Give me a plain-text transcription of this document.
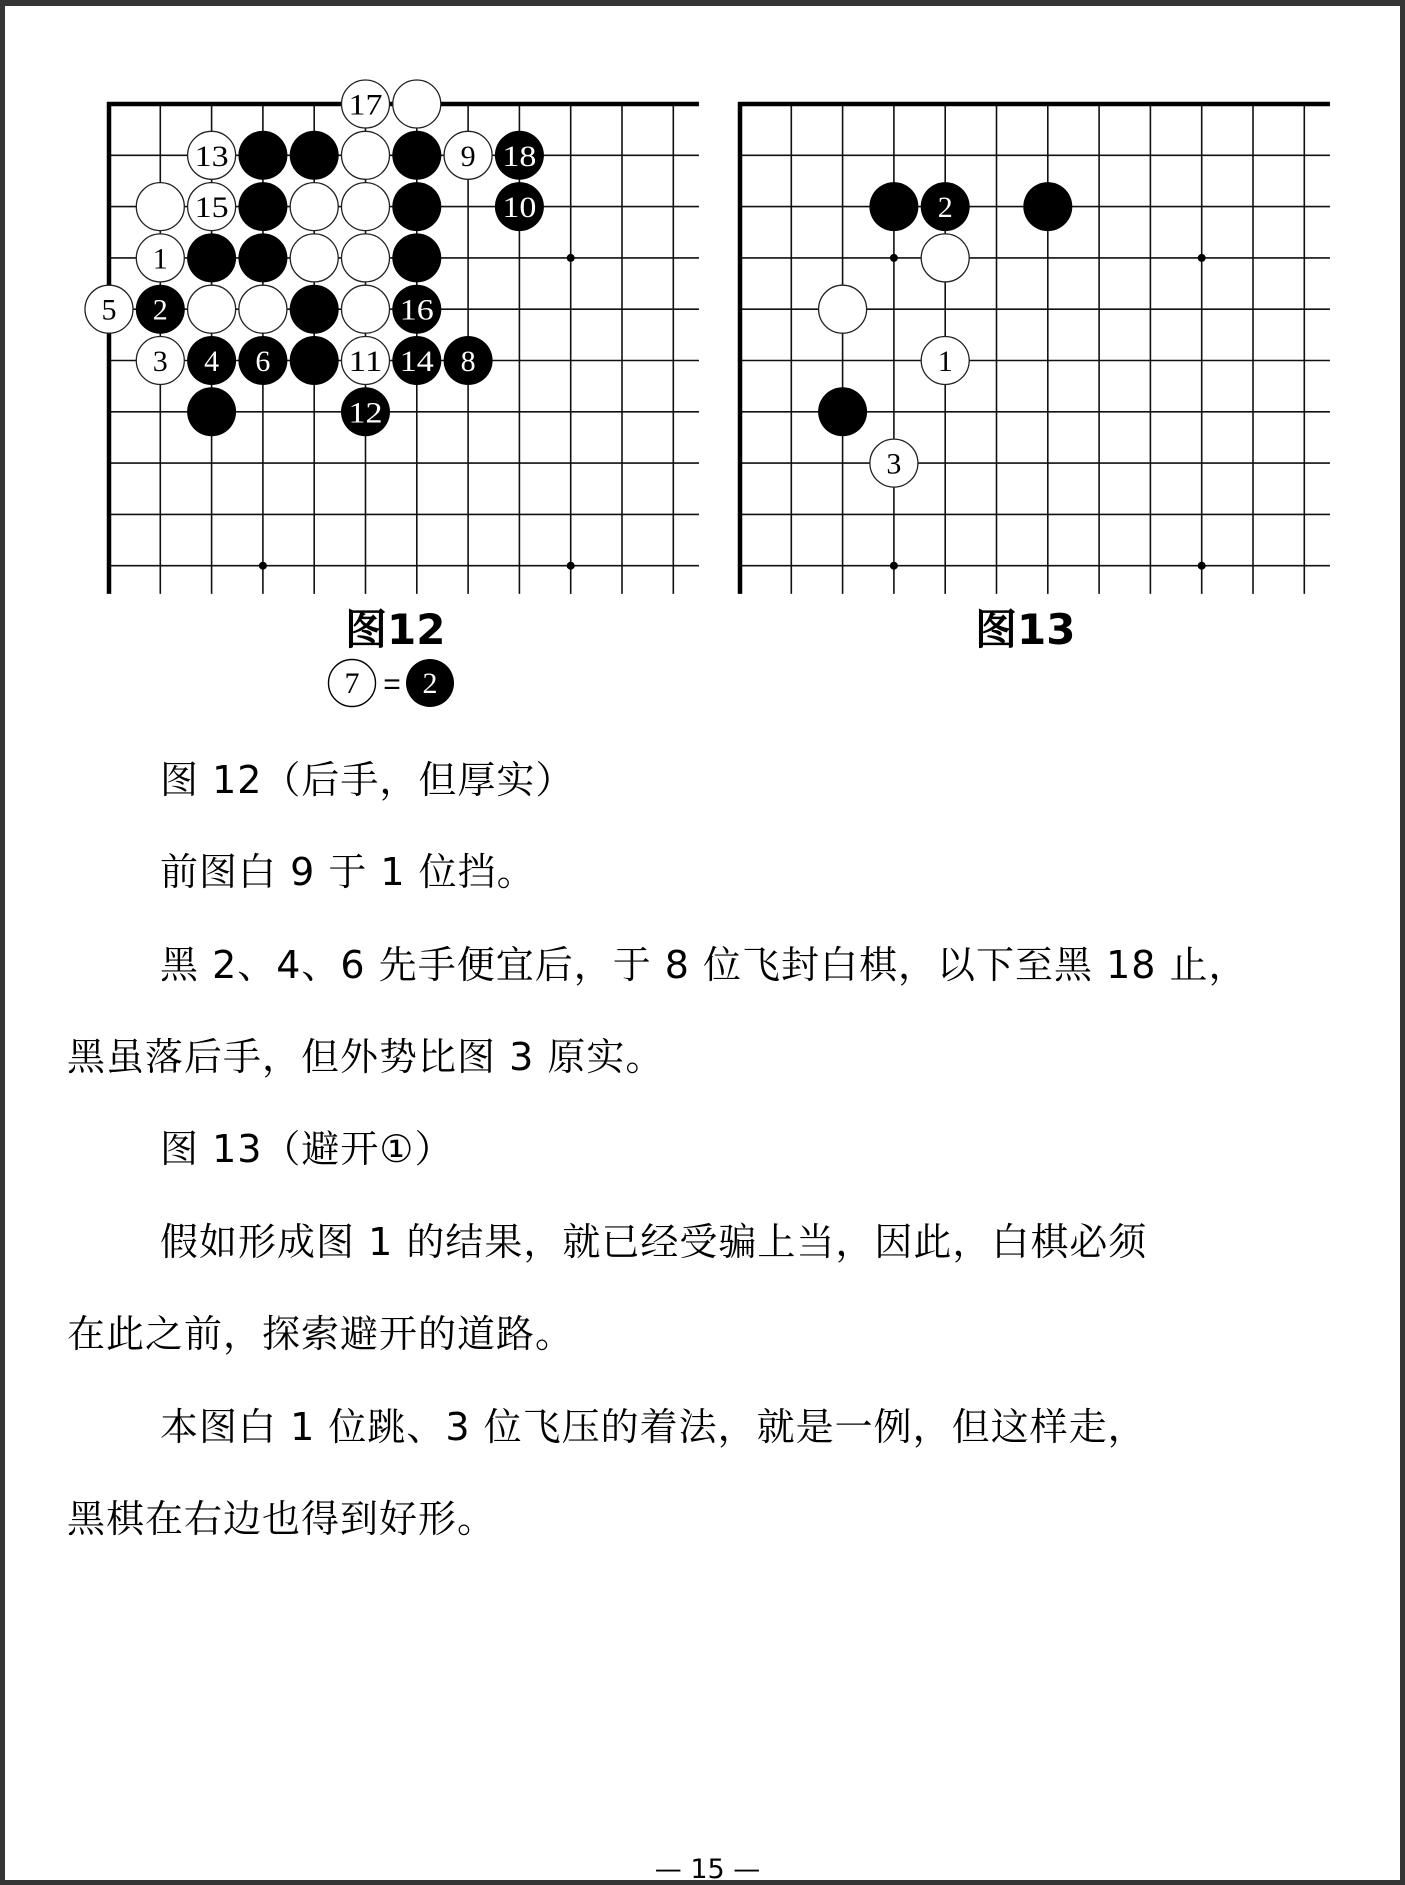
17
13	9 18
15	10
1
5 2	16
3 4 6	11 14 8
12
2
1
3
图12
7 = 2
图13
图 12（后手，但厚实）
前图白 9 于 1 位挡。
黑 2、4、6 先手便宜后，于 8 位飞封白棋，以下至黑 18 止，
黑虽落后手，但外势比图 3 原实。
图 13（避开①）
假如形成图 1 的结果，就已经受骗上当，因此，白棋必须
在此之前，探索避开的道路。
本图白 1 位跳、3 位飞压的着法，就是一例，但这样走，
黑棋在右边也得到好形。
— 15 —
